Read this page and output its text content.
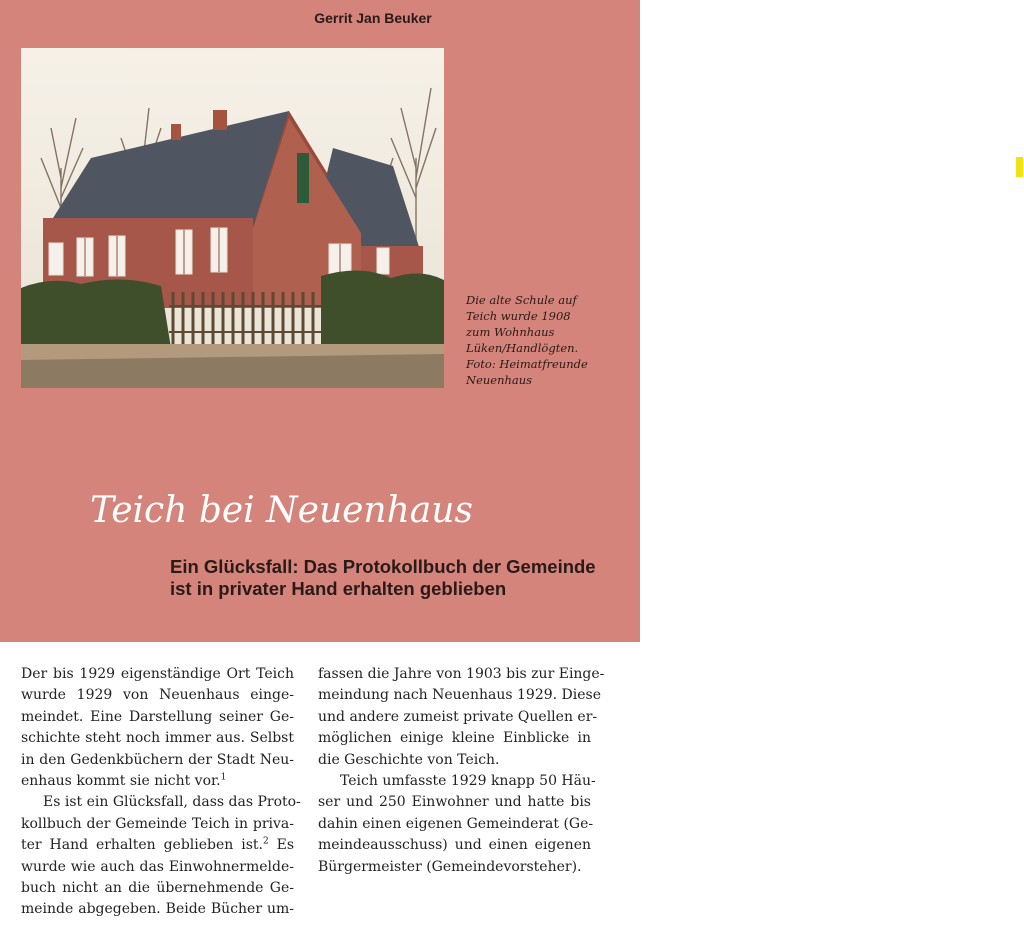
Gerrit Jan Beuker
Die alte Schule auf
Teich wurde 1908
zum Wohnhaus
Lüken/Handlögten.
Foto: Heimatfreunde
Neuenhaus
Teich bei Neuenhaus
Ein Glücksfall: Das Protokollbuch der Gemeinde
ist in privater Hand erhalten geblieben
Der bis 1929 eigenständige Ort Teich
wurde 1929 von Neuenhaus einge-
meindet. Eine Darstellung seiner Ge-
schichte steht noch immer aus. Selbst
in den Gedenkbüchern der Stadt Neu-
enhaus kommt sie nicht vor.$^1$
Es ist ein Glücksfall, dass das Proto-
kollbuch der Gemeinde Teich in priva-
ter Hand erhalten geblieben ist.$^2$ Es
wurde wie auch das Einwohnermelde-
buch nicht an die übernehmende Ge-
meinde abgegeben. Beide Bücher um-
fassen die Jahre von 1903 bis zur Einge-
meindung nach Neuenhaus 1929. Diese
und andere zumeist private Quellen er-
möglichen einige kleine Einblicke in
die Geschichte von Teich.
Teich umfasste 1929 knapp 50 Häu-
ser und 250 Einwohner und hatte bis
dahin einen eigenen Gemeinderat (Ge-
meindeausschuss) und einen eigenen
Bürgermeister (Gemeindevorsteher).
